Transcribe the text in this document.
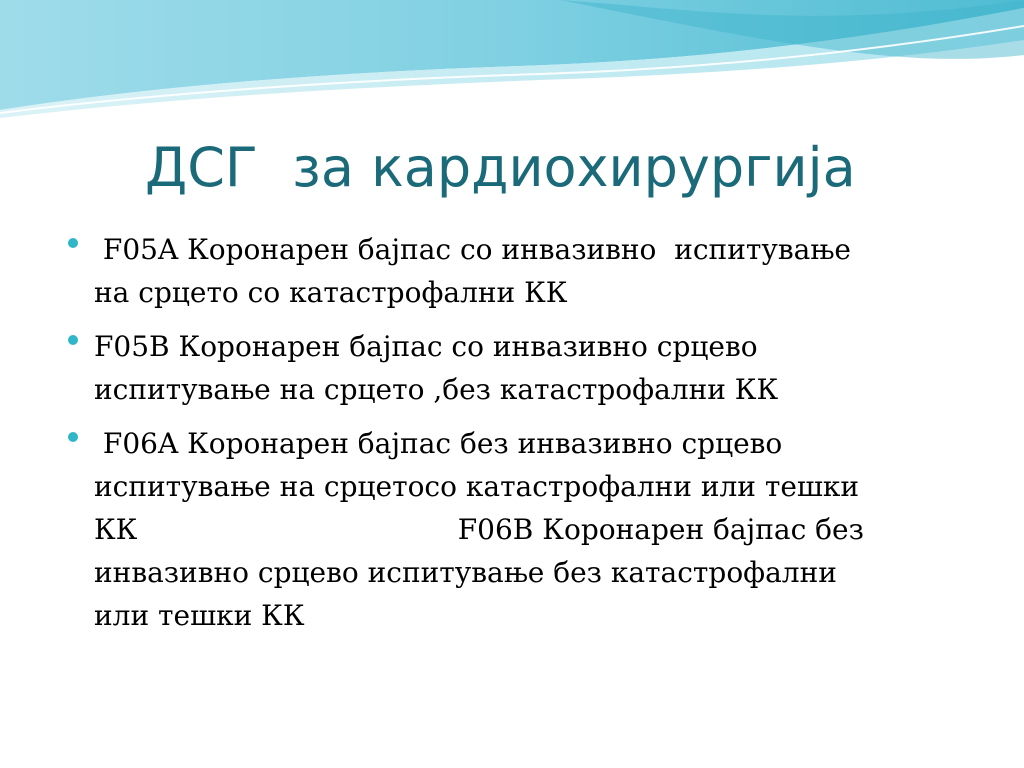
ДСГ  за кардиохирургија
F05A Коронарен бајпас со инвазивно  испитување
на срцето со катастрофални КК
F05B Коронарен бајпас со инвазивно срцево
испитување на срцето ,без катастрофални КК
F06A Коронарен бајпас без инвазивно срцево
испитување на срцетосо катастрофални или тешки
КК                                    F06B Коронарен бајпас без
инвазивно срцево испитување без катастрофални
или тешки КК
